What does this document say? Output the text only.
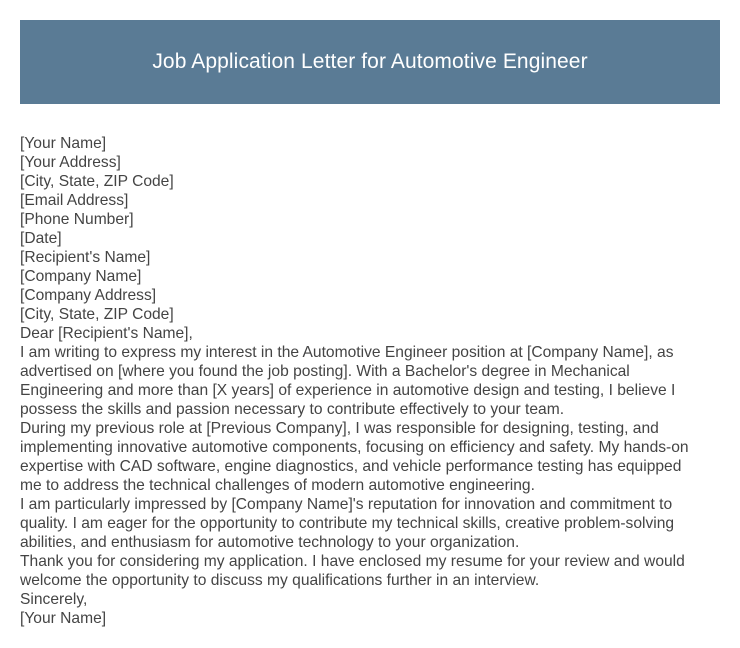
Job Application Letter for Automotive Engineer
[Your Name]
[Your Address]
[City, State, ZIP Code]
[Email Address]
[Phone Number]
[Date]
[Recipient's Name]
[Company Name]
[Company Address]
[City, State, ZIP Code]
Dear [Recipient's Name],
I am writing to express my interest in the Automotive Engineer position at [Company Name], as
advertised on [where you found the job posting]. With a Bachelor's degree in Mechanical
Engineering and more than [X years] of experience in automotive design and testing, I believe I
possess the skills and passion necessary to contribute effectively to your team.
During my previous role at [Previous Company], I was responsible for designing, testing, and
implementing innovative automotive components, focusing on efficiency and safety. My hands-on
expertise with CAD software, engine diagnostics, and vehicle performance testing has equipped
me to address the technical challenges of modern automotive engineering.
I am particularly impressed by [Company Name]'s reputation for innovation and commitment to
quality. I am eager for the opportunity to contribute my technical skills, creative problem-solving
abilities, and enthusiasm for automotive technology to your organization.
Thank you for considering my application. I have enclosed my resume for your review and would
welcome the opportunity to discuss my qualifications further in an interview.
Sincerely,
[Your Name]
